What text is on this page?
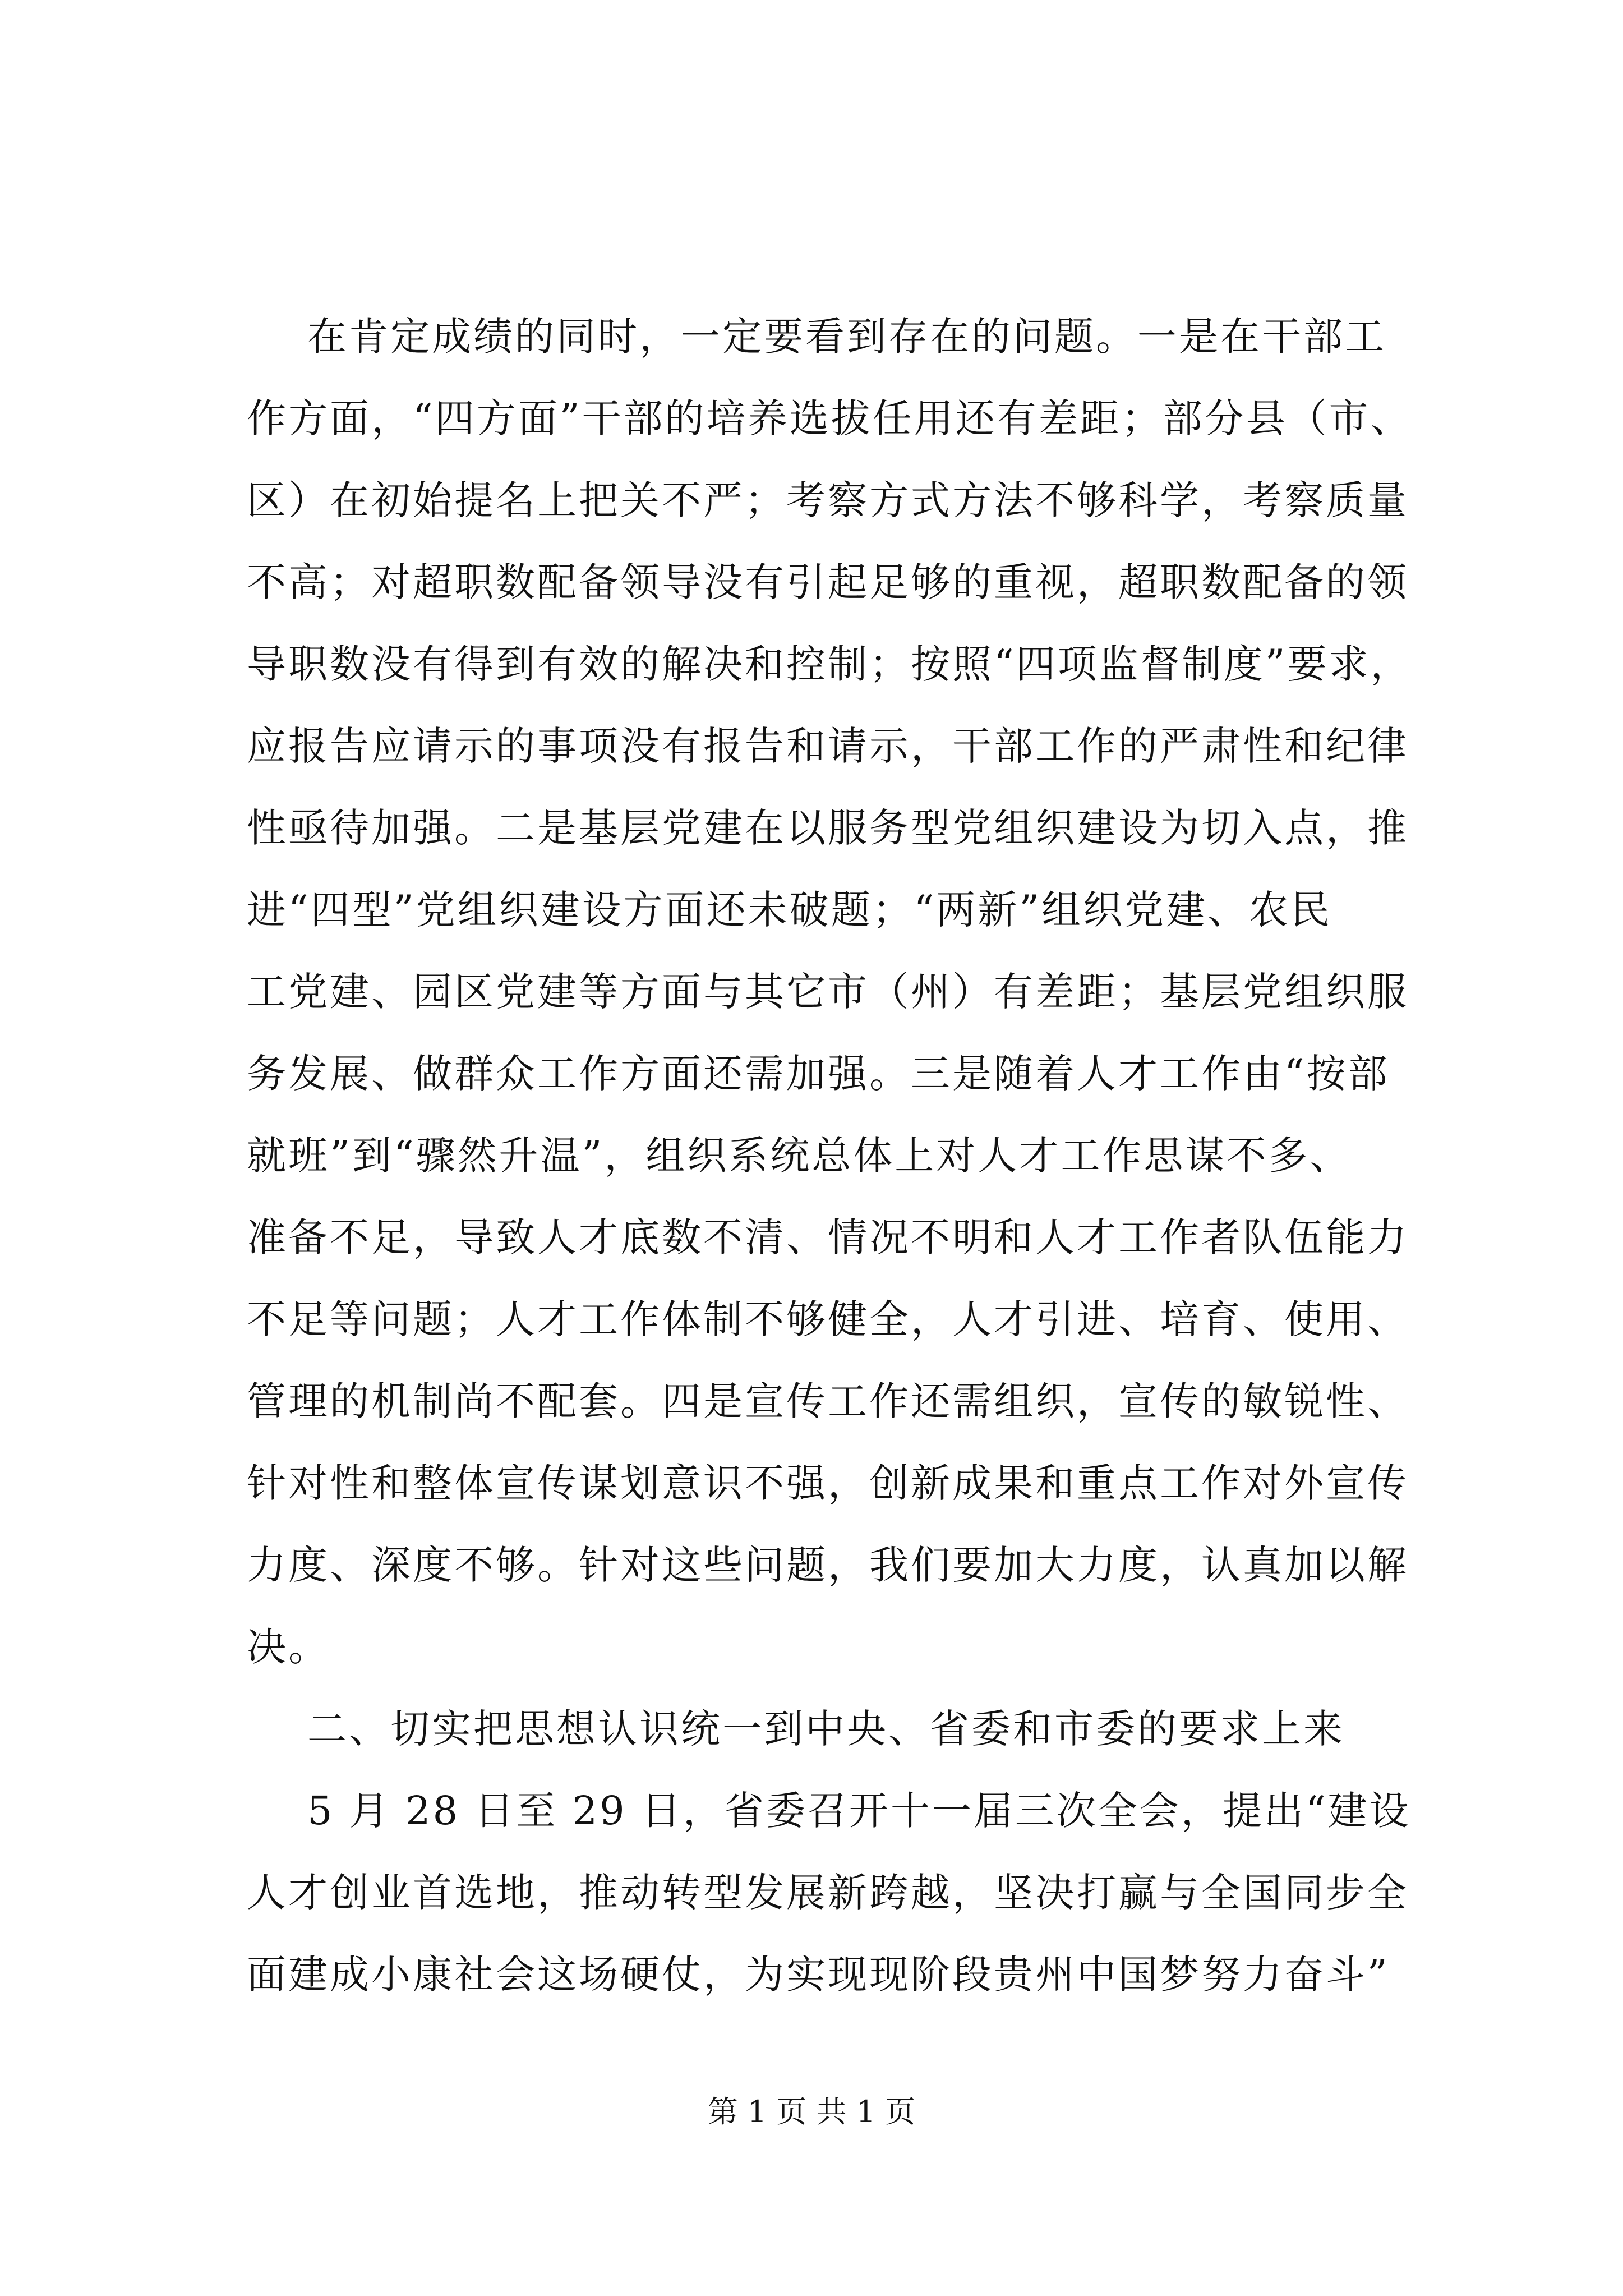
在肯定成绩的同时，一定要看到存在的问题。一是在干部工
作方面，“四方面”干部的培养选拔任用还有差距；部分县（市、
区）在初始提名上把关不严；考察方式方法不够科学，考察质量
不高；对超职数配备领导没有引起足够的重视，超职数配备的领
导职数没有得到有效的解决和控制；按照“四项监督制度”要求，
应报告应请示的事项没有报告和请示，干部工作的严肃性和纪律
性亟待加强。二是基层党建在以服务型党组织建设为切入点，推
进“四型”党组织建设方面还未破题；“两新”组织党建、农民
工党建、园区党建等方面与其它市（州）有差距；基层党组织服
务发展、做群众工作方面还需加强。三是随着人才工作由“按部
就班”到“骤然升温”，组织系统总体上对人才工作思谋不多、
准备不足，导致人才底数不清、情况不明和人才工作者队伍能力
不足等问题；人才工作体制不够健全，人才引进、培育、使用、
管理的机制尚不配套。四是宣传工作还需组织，宣传的敏锐性、
针对性和整体宣传谋划意识不强，创新成果和重点工作对外宣传
力度、深度不够。针对这些问题，我们要加大力度，认真加以解
决。
二、切实把思想认识统一到中央、省委和市委的要求上来
5 月 28 日至 29 日，省委召开十一届三次全会，提出“建设
人才创业首选地，推动转型发展新跨越，坚决打赢与全国同步全
面建成小康社会这场硬仗，为实现现阶段贵州中国梦努力奋斗”
第 1 页 共 1 页
